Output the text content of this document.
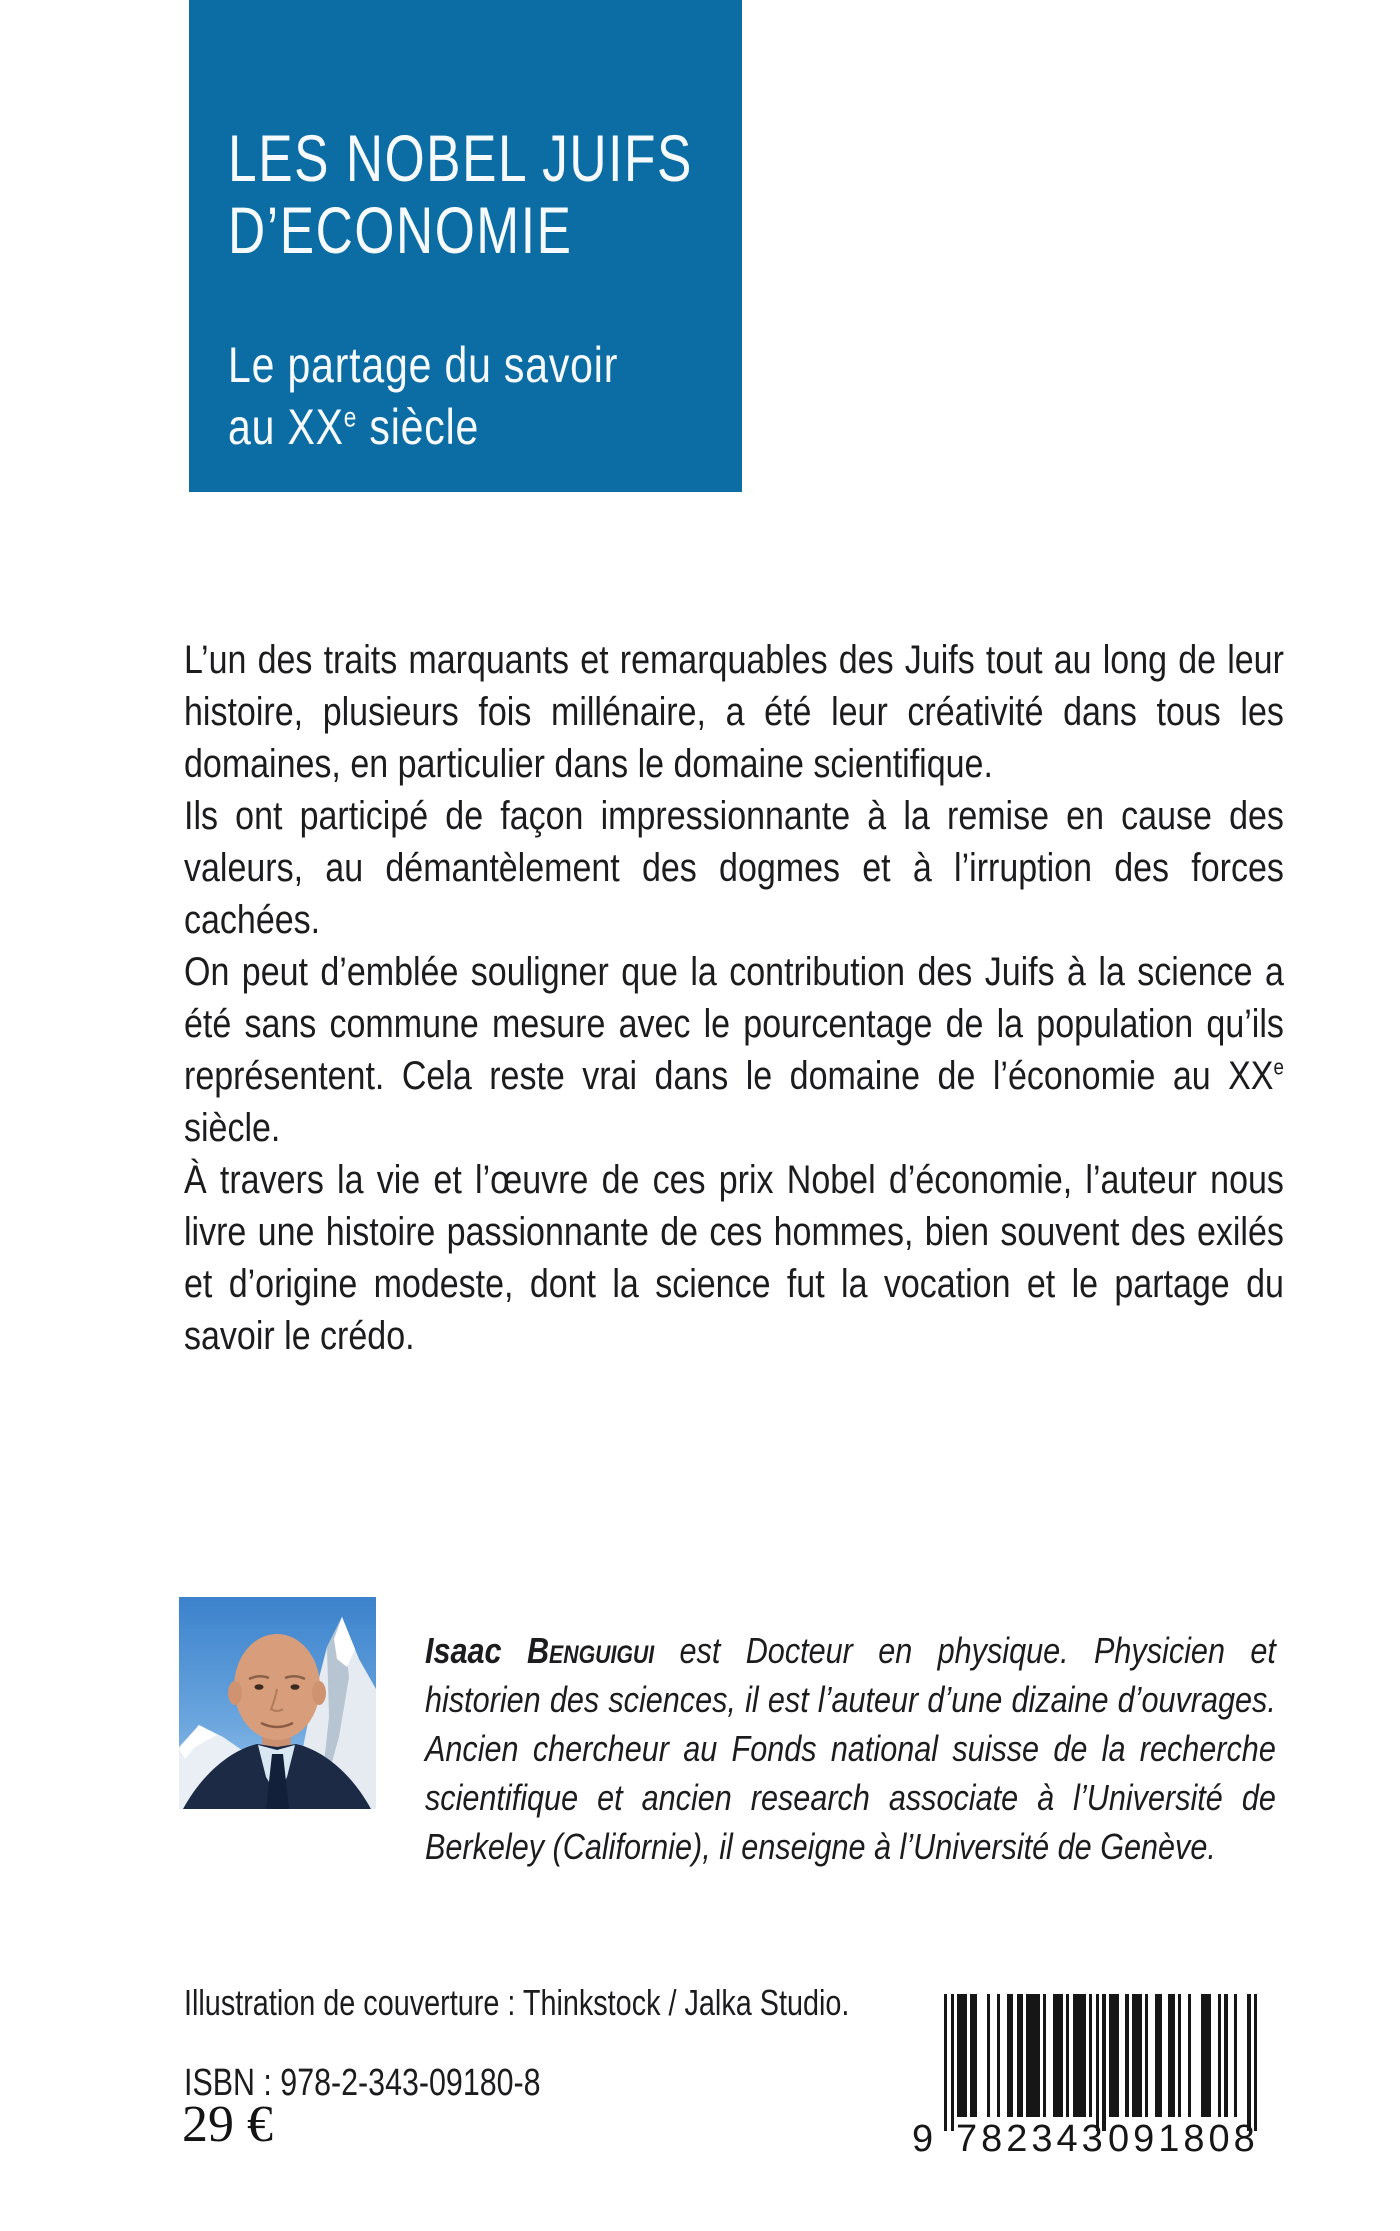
LES NOBEL JUIFS
D’ECONOMIE
Le partage du savoir
au XXe siècle

L’un des traits marquants et remarquables des Juifs tout au long de leur histoire, plusieurs fois millénaire, a été leur créativité dans tous les domaines, en particulier dans le domaine scientifique.

Ils ont participé de façon impressionnante à la remise en cause des valeurs, au démantèlement des dogmes et à l’irruption des forces cachées.

On peut d’emblée souligner que la contribution des Juifs à la science a été sans commune mesure avec le pourcentage de la population qu’ils représentent. Cela reste vrai dans le domaine de l’économie au XXe siècle.

À travers la vie et l’œuvre de ces prix Nobel d’économie, l’auteur nous livre une histoire passionnante de ces hommes, bien souvent des exilés et d’origine modeste, dont la science fut la vocation et le partage du savoir le crédo.

Isaac Benguigui est Docteur en physique. Physicien et historien des sciences, il est l’auteur d’une dizaine d’ouvrages. Ancien chercheur au Fonds national suisse de la recherche scientifique et ancien research associate à l’Université de Berkeley (Californie), il enseigne à l’Université de Genève.

Illustration de couverture : Thinkstock / Jalka Studio.
ISBN : 978-2-343-09180-8
29 €	9 782343 091808
